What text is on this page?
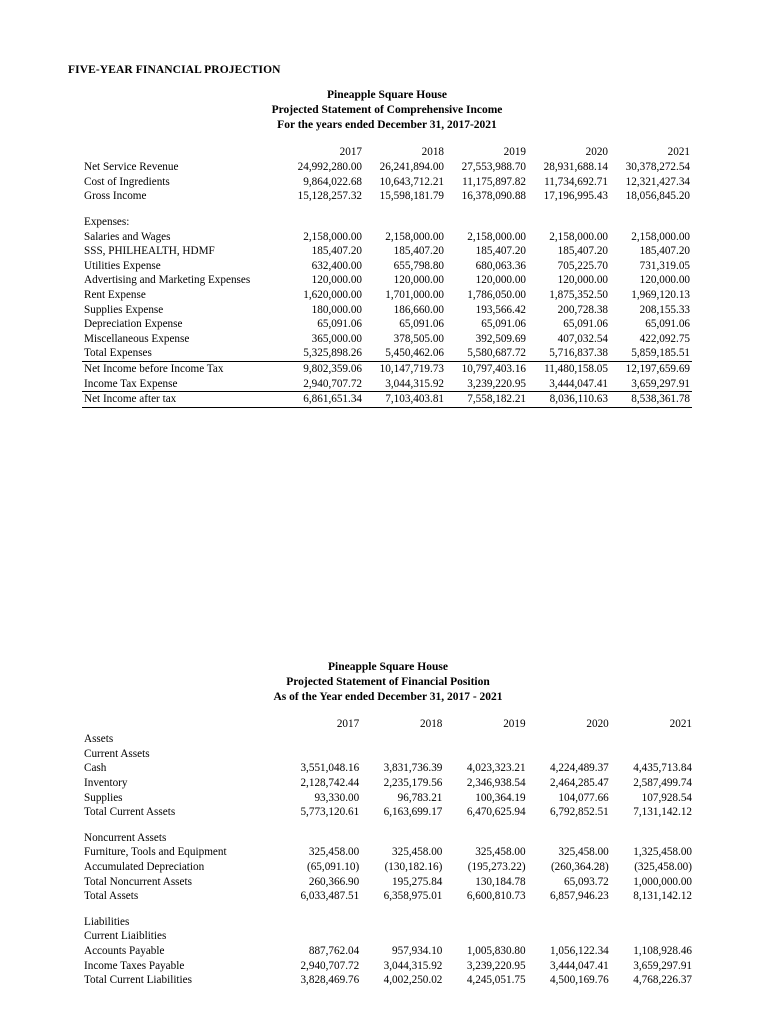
FIVE-YEAR FINANCIAL PROJECTION
Pineapple Square House
Projected Statement of Comprehensive Income
For the years ended December 31, 2017-2021

	2017	2018	2019	2020	2021
Net Service Revenue	24,992,280.00	26,241,894.00	27,553,988.70	28,931,688.14	30,378,272.54
Cost of Ingredients	9,864,022.68	10,643,712.21	11,175,897.82	11,734,692.71	12,321,427.34
Gross Income	15,128,257.32	15,598,181.79	16,378,090.88	17,196,995.43	18,056,845.20

Expenses:					
Salaries and Wages	2,158,000.00	2,158,000.00	2,158,000.00	2,158,000.00	2,158,000.00
SSS, PHILHEALTH, HDMF	185,407.20	185,407.20	185,407.20	185,407.20	185,407.20
Utilities Expense	632,400.00	655,798.80	680,063.36	705,225.70	731,319.05
Advertising and Marketing Expenses	120,000.00	120,000.00	120,000.00	120,000.00	120,000.00
Rent Expense	1,620,000.00	1,701,000.00	1,786,050.00	1,875,352.50	1,969,120.13
Supplies Expense	180,000.00	186,660.00	193,566.42	200,728.38	208,155.33
Depreciation Expense	65,091.06	65,091.06	65,091.06	65,091.06	65,091.06
Miscellaneous Expense	365,000.00	378,505.00	392,509.69	407,032.54	422,092.75
Total Expenses	5,325,898.26	5,450,462.06	5,580,687.72	5,716,837.38	5,859,185.51
Net Income before Income Tax	9,802,359.06	10,147,719.73	10,797,403.16	11,480,158.05	12,197,659.69
Income Tax Expense	2,940,707.72	3,044,315.92	3,239,220.95	3,444,047.41	3,659,297.91
Net Income after tax	6,861,651.34	7,103,403.81	7,558,182.21	8,036,110.63	8,538,361.78
Pineapple Square House
Projected Statement of Financial Position
As of the Year ended December 31, 2017 - 2021

	2017	2018	2019	2020	2021
Assets					
Current Assets					
Cash	3,551,048.16	3,831,736.39	4,023,323.21	4,224,489.37	4,435,713.84
Inventory	2,128,742.44	2,235,179.56	2,346,938.54	2,464,285.47	2,587,499.74
Supplies	93,330.00	96,783.21	100,364.19	104,077.66	107,928.54
Total Current Assets	5,773,120.61	6,163,699.17	6,470,625.94	6,792,852.51	7,131,142.12

Noncurrent Assets					
Furniture, Tools and Equipment	325,458.00	325,458.00	325,458.00	325,458.00	1,325,458.00
Accumulated Depreciation	(65,091.10)	(130,182.16)	(195,273.22)	(260,364.28)	(325,458.00)
Total Noncurrent Assets	260,366.90	195,275.84	130,184.78	65,093.72	1,000,000.00
Total Assets	6,033,487.51	6,358,975.01	6,600,810.73	6,857,946.23	8,131,142.12

Liabilities					
Current Liaiblities					
Accounts Payable	887,762.04	957,934.10	1,005,830.80	1,056,122.34	1,108,928.46
Income Taxes Payable	2,940,707.72	3,044,315.92	3,239,220.95	3,444,047.41	3,659,297.91
Total Current Liabilities	3,828,469.76	4,002,250.02	4,245,051.75	4,500,169.76	4,768,226.37
